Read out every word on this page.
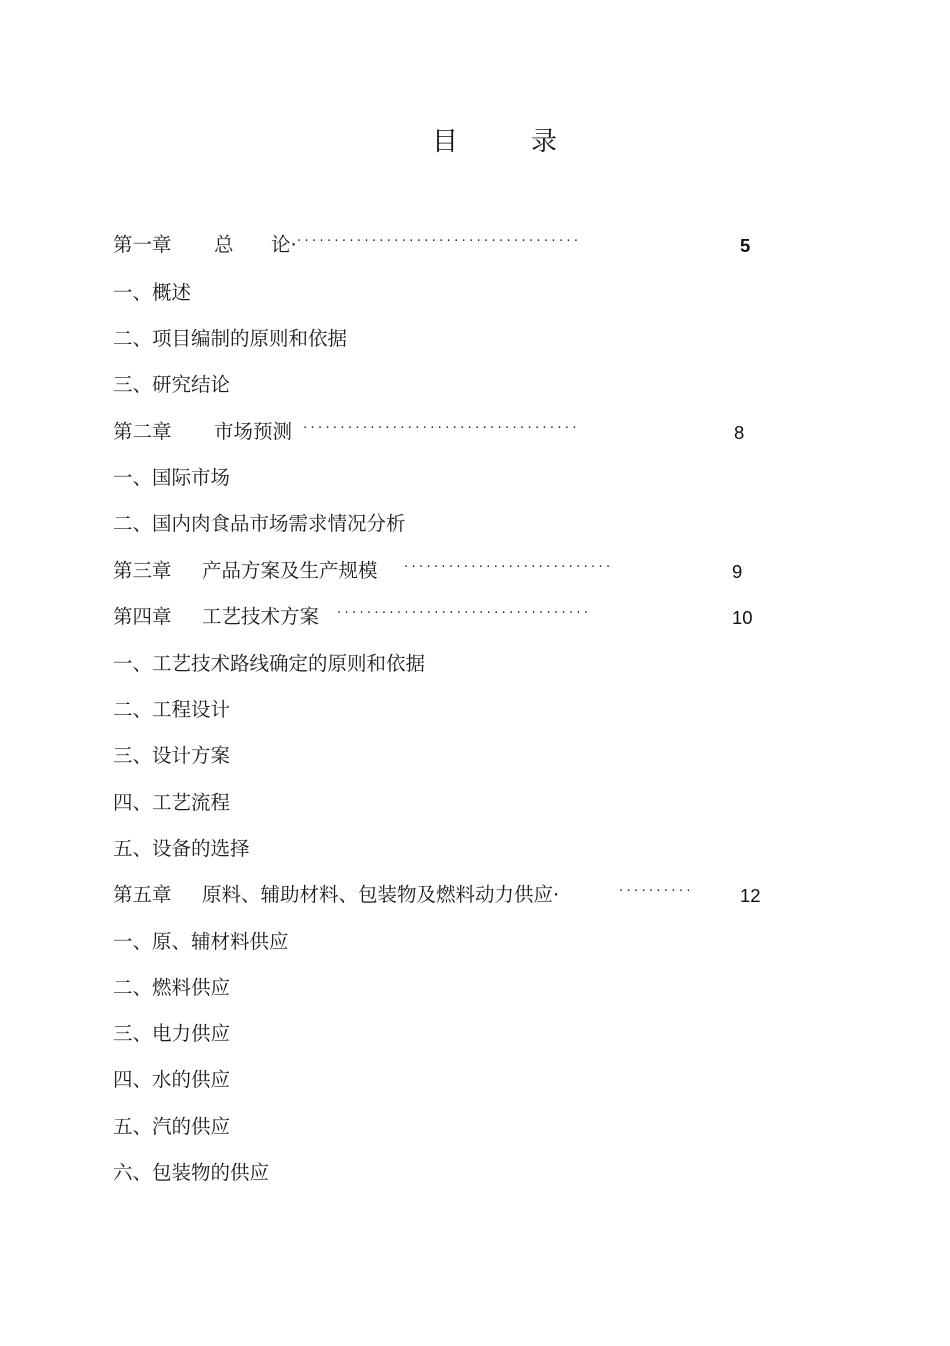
目	录
第一章 总 论· ······································	5
一、概述
二、项目编制的原则和依据
三、研究结论
第二章 市场预测 ·····································	8
一、国际市场
二、国内肉食品市场需求情况分析
第三章 产品方案及生产规模 ····························	9
第四章 工艺技术方案 ··································	10
一、工艺技术路线确定的原则和依据
二、工程设计
三、设计方案
四、工艺流程
五、设备的选择
第五章 原料、辅助材料、包装物及燃料动力供应·	··········	12
一、原、辅材料供应
二、燃料供应
三、电力供应
四、水的供应
五、汽的供应
六、包装物的供应
